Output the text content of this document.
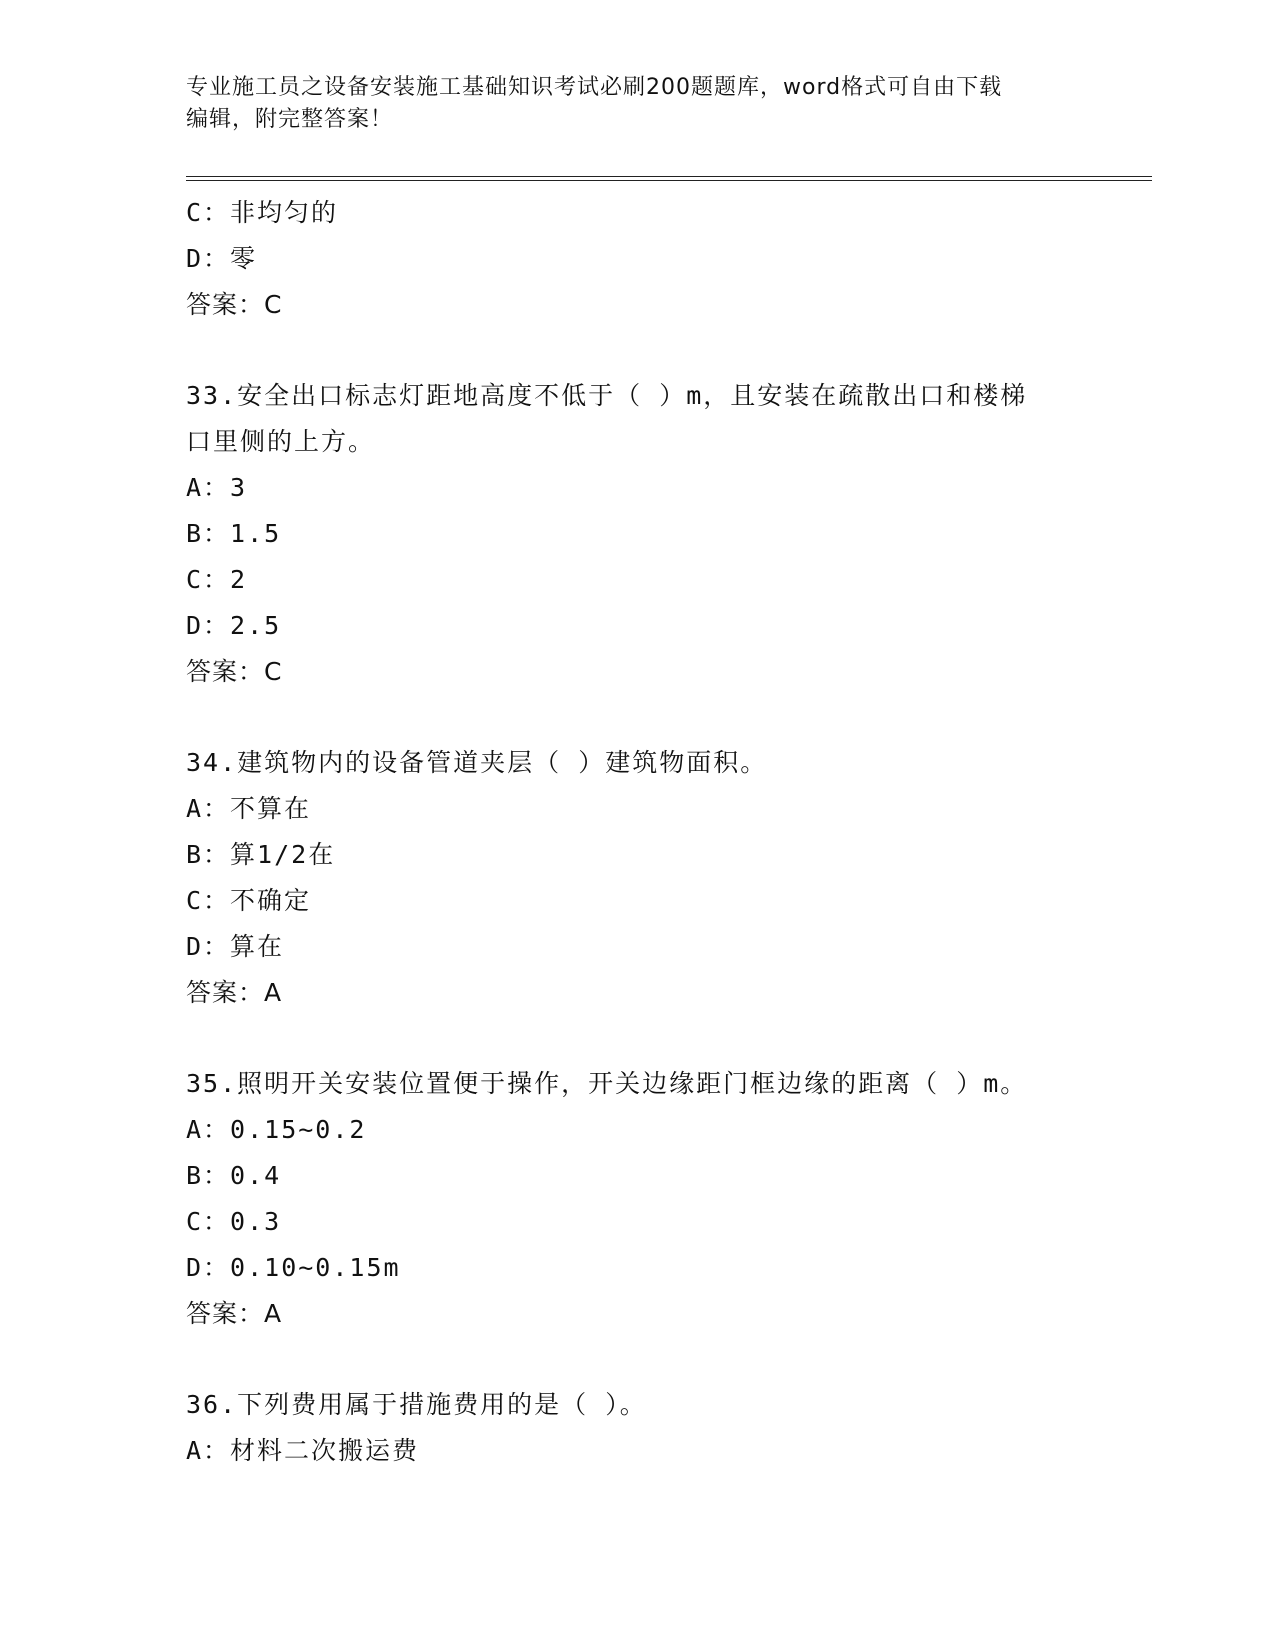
专业施工员之设备安装施工基础知识考试必刷200题题库，word格式可自由下载
编辑，附完整答案！
C：非均匀的
D：零
答案：C
33.安全出口标志灯距地高度不低于（ ）m，且安装在疏散出口和楼梯
口里侧的上方。
A：3
B：1.5
C：2
D：2.5
答案：C
34.建筑物内的设备管道夹层（ ）建筑物面积。
A：不算在
B：算1/2在
C：不确定
D：算在
答案：A
35.照明开关安装位置便于操作，开关边缘距门框边缘的距离（ ）m。
A：0.15~0.2
B：0.4
C：0.3
D：0.10~0.15m
答案：A
36.下列费用属于措施费用的是（ ）。
A：材料二次搬运费
